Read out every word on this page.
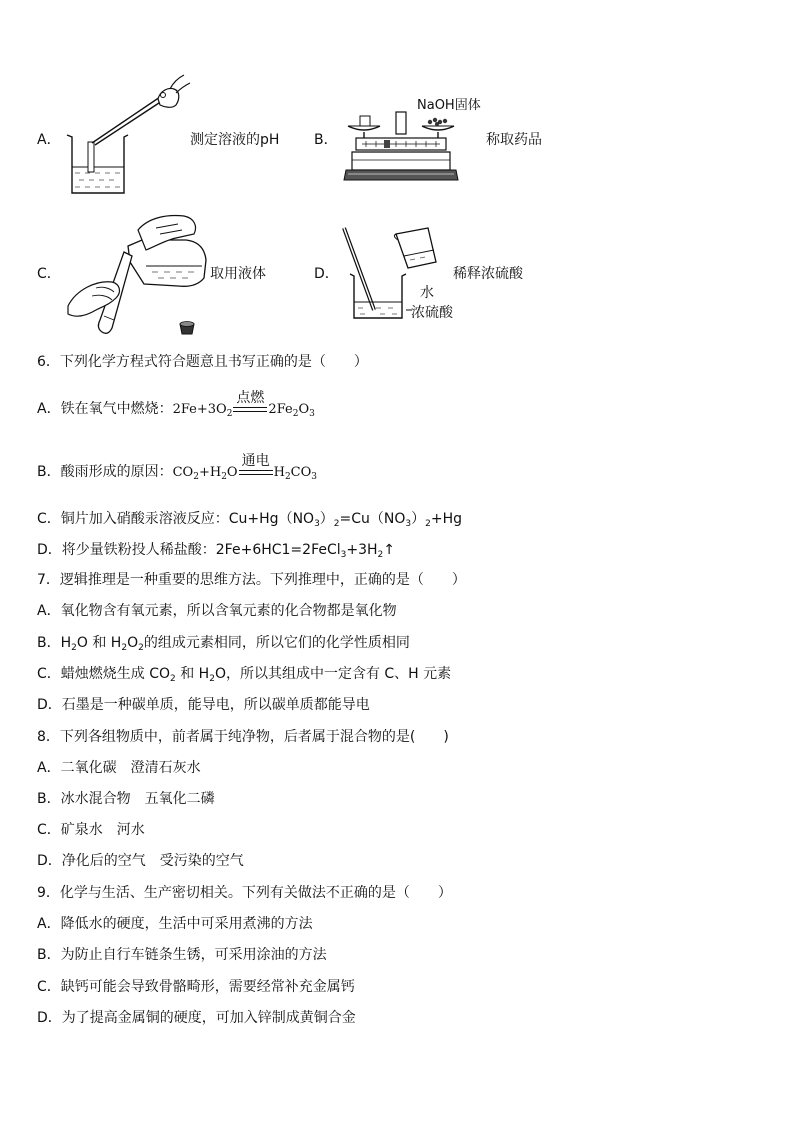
A．	测定溶液的pH B．
NaOH固体
称取药品
C．	取用液体	D．
水
浓硫酸
稀释浓硫酸
6．下列化学方程式符合题意且书写正确的是（　　）
A．铁在氧气中燃烧：$2Fe+3O_2$
点燃
$2Fe_2O_3$
B．酸雨形成的原因：$CO_2+H_2O$
通电
$H_2CO_3$
C．铜片加入硝酸汞溶液反应：$Cu+Hg(NO_3)_2=Cu(NO_3)_2+Hg$
D．将少量铁粉投人稀盐酸：$2Fe+6HC1=2FeCl_3+3H_2↑$
7．逻辑推理是一种重要的思维方法。下列推理中，正确的是（　　）
A．氧化物含有氧元素，所以含氧元素的化合物都是氧化物
B．$H_2O$ 和 $H_2O_2$的组成元素相同，所以它们的化学性质相同
C．蜡烛燃烧生成 $CO_2$ 和 $H_2O$，所以其组成中一定含有 C、H 元素
D．石墨是一种碳单质，能导电，所以碳单质都能导电
8．下列各组物质中，前者属于纯净物，后者属于混合物的是(　　)
A．二氧化碳　澄清石灰水
B．冰水混合物　五氧化二磷
C．矿泉水　河水
D．净化后的空气　受污染的空气
9．化学与生活、生产密切相关。下列有关做法不正确的是（　　）
A．降低水的硬度，生活中可采用煮沸的方法
B．为防止自行车链条生锈，可采用涂油的方法
C．缺钙可能会导致骨骼畸形，需要经常补充金属钙
D．为了提高金属铜的硬度，可加入锌制成黄铜合金
